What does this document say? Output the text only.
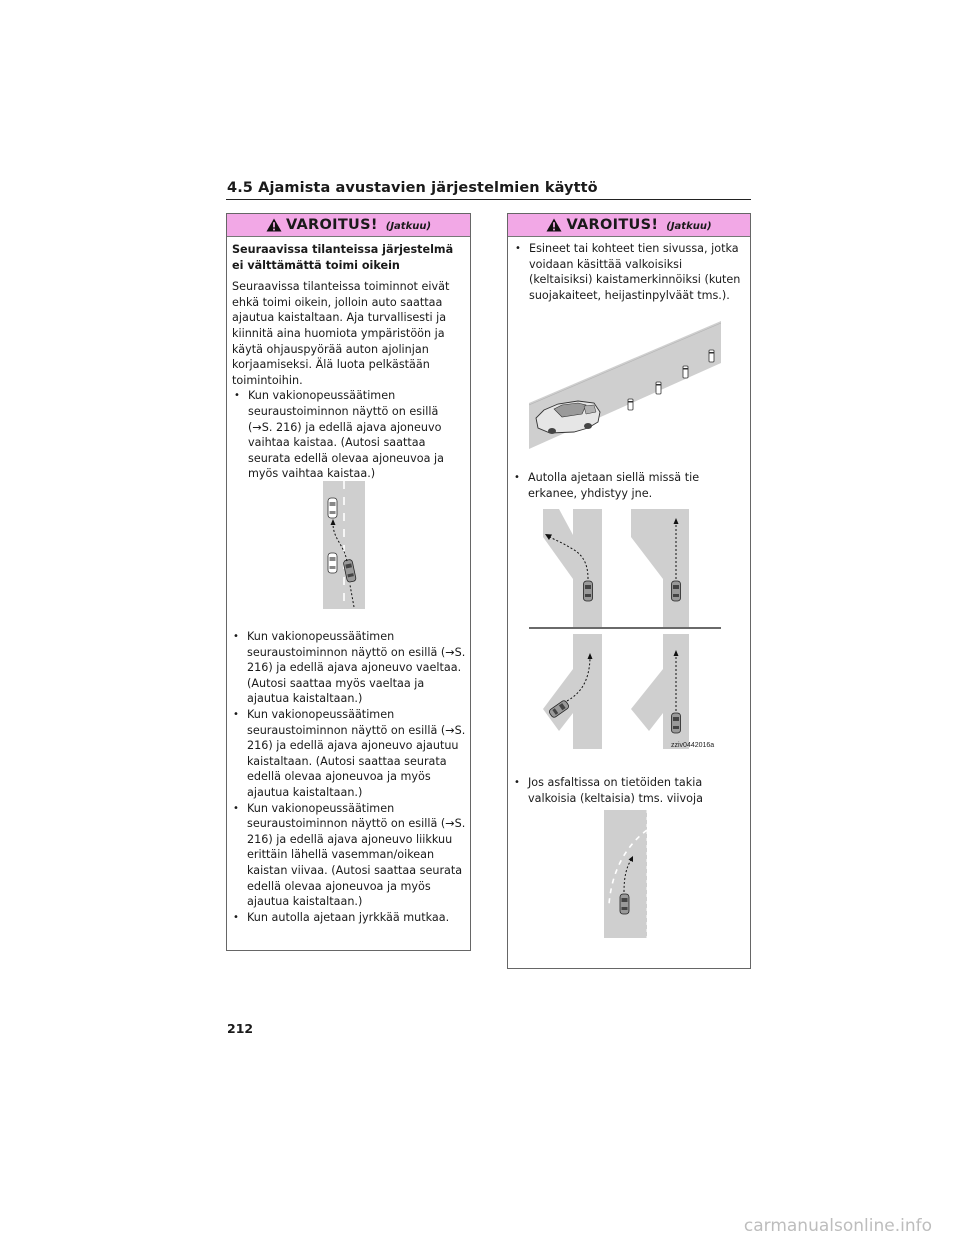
4.5 Ajamista avustavien järjestelmien käyttö
VAROITUS! (Jatkuu)
Seuraavissa tilanteissa järjestelmä ei välttämättä toimi oikein
Seuraavissa tilanteissa toiminnot eivät ehkä toimi oikein, jolloin auto saattaa ajautua kaistaltaan. Aja turvallisesti ja kiinnitä aina huomiota ympäristöön ja käytä ohjauspyörää auton ajolinjan korjaamiseksi. Älä luota pelkästään toimintoihin.
• Kun vakionopeussäätimen seuraustoiminnon näyttö on esillä (→S. 216) ja edellä ajava ajoneuvo vaihtaa kaistaa. (Autosi saattaa seurata edellä olevaa ajoneuvoa ja myös vaihtaa kaistaa.)
• Kun vakionopeussäätimen seuraustoiminnon näyttö on esillä (→S. 216) ja edellä ajava ajoneuvo vaeltaa. (Autosi saattaa myös vaeltaa ja ajautua kaistaltaan.)
• Kun vakionopeussäätimen seuraustoiminnon näyttö on esillä (→S. 216) ja edellä ajava ajoneuvo ajautuu kaistaltaan. (Autosi saattaa seurata edellä olevaa ajoneuvoa ja myös ajautua kaistaltaan.)
• Kun vakionopeussäätimen seuraustoiminnon näyttö on esillä (→S. 216) ja edellä ajava ajoneuvo liikkuu erittäin lähellä vasemman/oikean kaistan viivaa. (Autosi saattaa seurata edellä olevaa ajoneuvoa ja myös ajautua kaistaltaan.)
• Kun autolla ajetaan jyrkkää mutkaa.
VAROITUS! (Jatkuu)
• Esineet tai kohteet tien sivussa, jotka voidaan käsittää valkoisiksi (keltaisiksi) kaistamerkinnöiksi (kuten suojakaiteet, heijastinpylväät tms.).
• Autolla ajetaan siellä missä tie erkanee, yhdistyy jne.
zziv0442016a
• Jos asfaltissa on tietöiden takia valkoisia (keltaisia) tms. viivoja
212
carmanualsonline.info
